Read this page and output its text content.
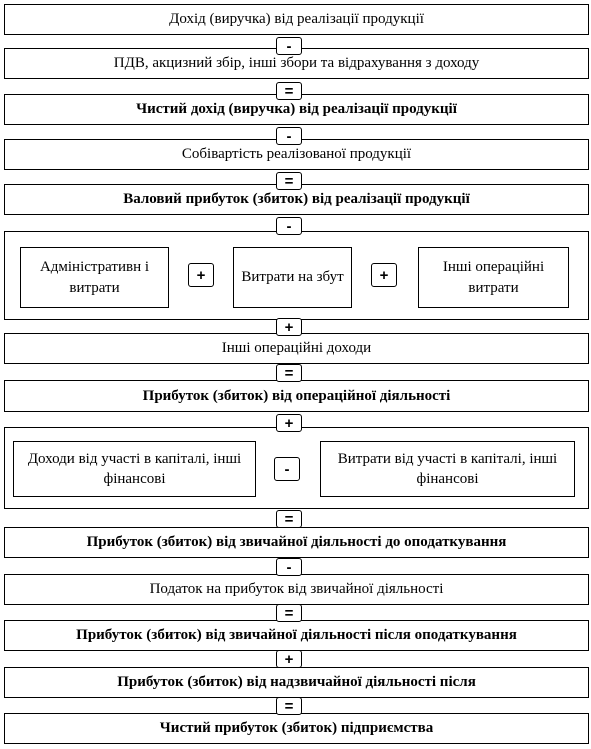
Дохід (виручка) від реалізації продукції
-
ПДВ, акцизний збір, інші збори та відрахування з доходу
=
Чистий дохід (виручка) від реалізації продукції
-
Собівартість реалізованої продукції
=
Валовий прибуток (збиток) від реалізації продукції
-
Адміністративн і витрати
+	Витрати на збут	+	Інші операційні витрати
+
Інші операційні доходи
=
Прибуток (збиток) від операційної діяльності
+
Доходи від участі в капіталі, інші фінансові
-
Витрати від участі в капіталі, інші фінансові
=
Прибуток (збиток) від звичайної діяльності до оподаткування
-
Податок на прибуток від звичайної діяльності
=
Прибуток (збиток) від звичайної діяльності після оподаткування
+
Прибуток (збиток) від надзвичайної діяльності після
=
Чистий прибуток (збиток) підприємства
